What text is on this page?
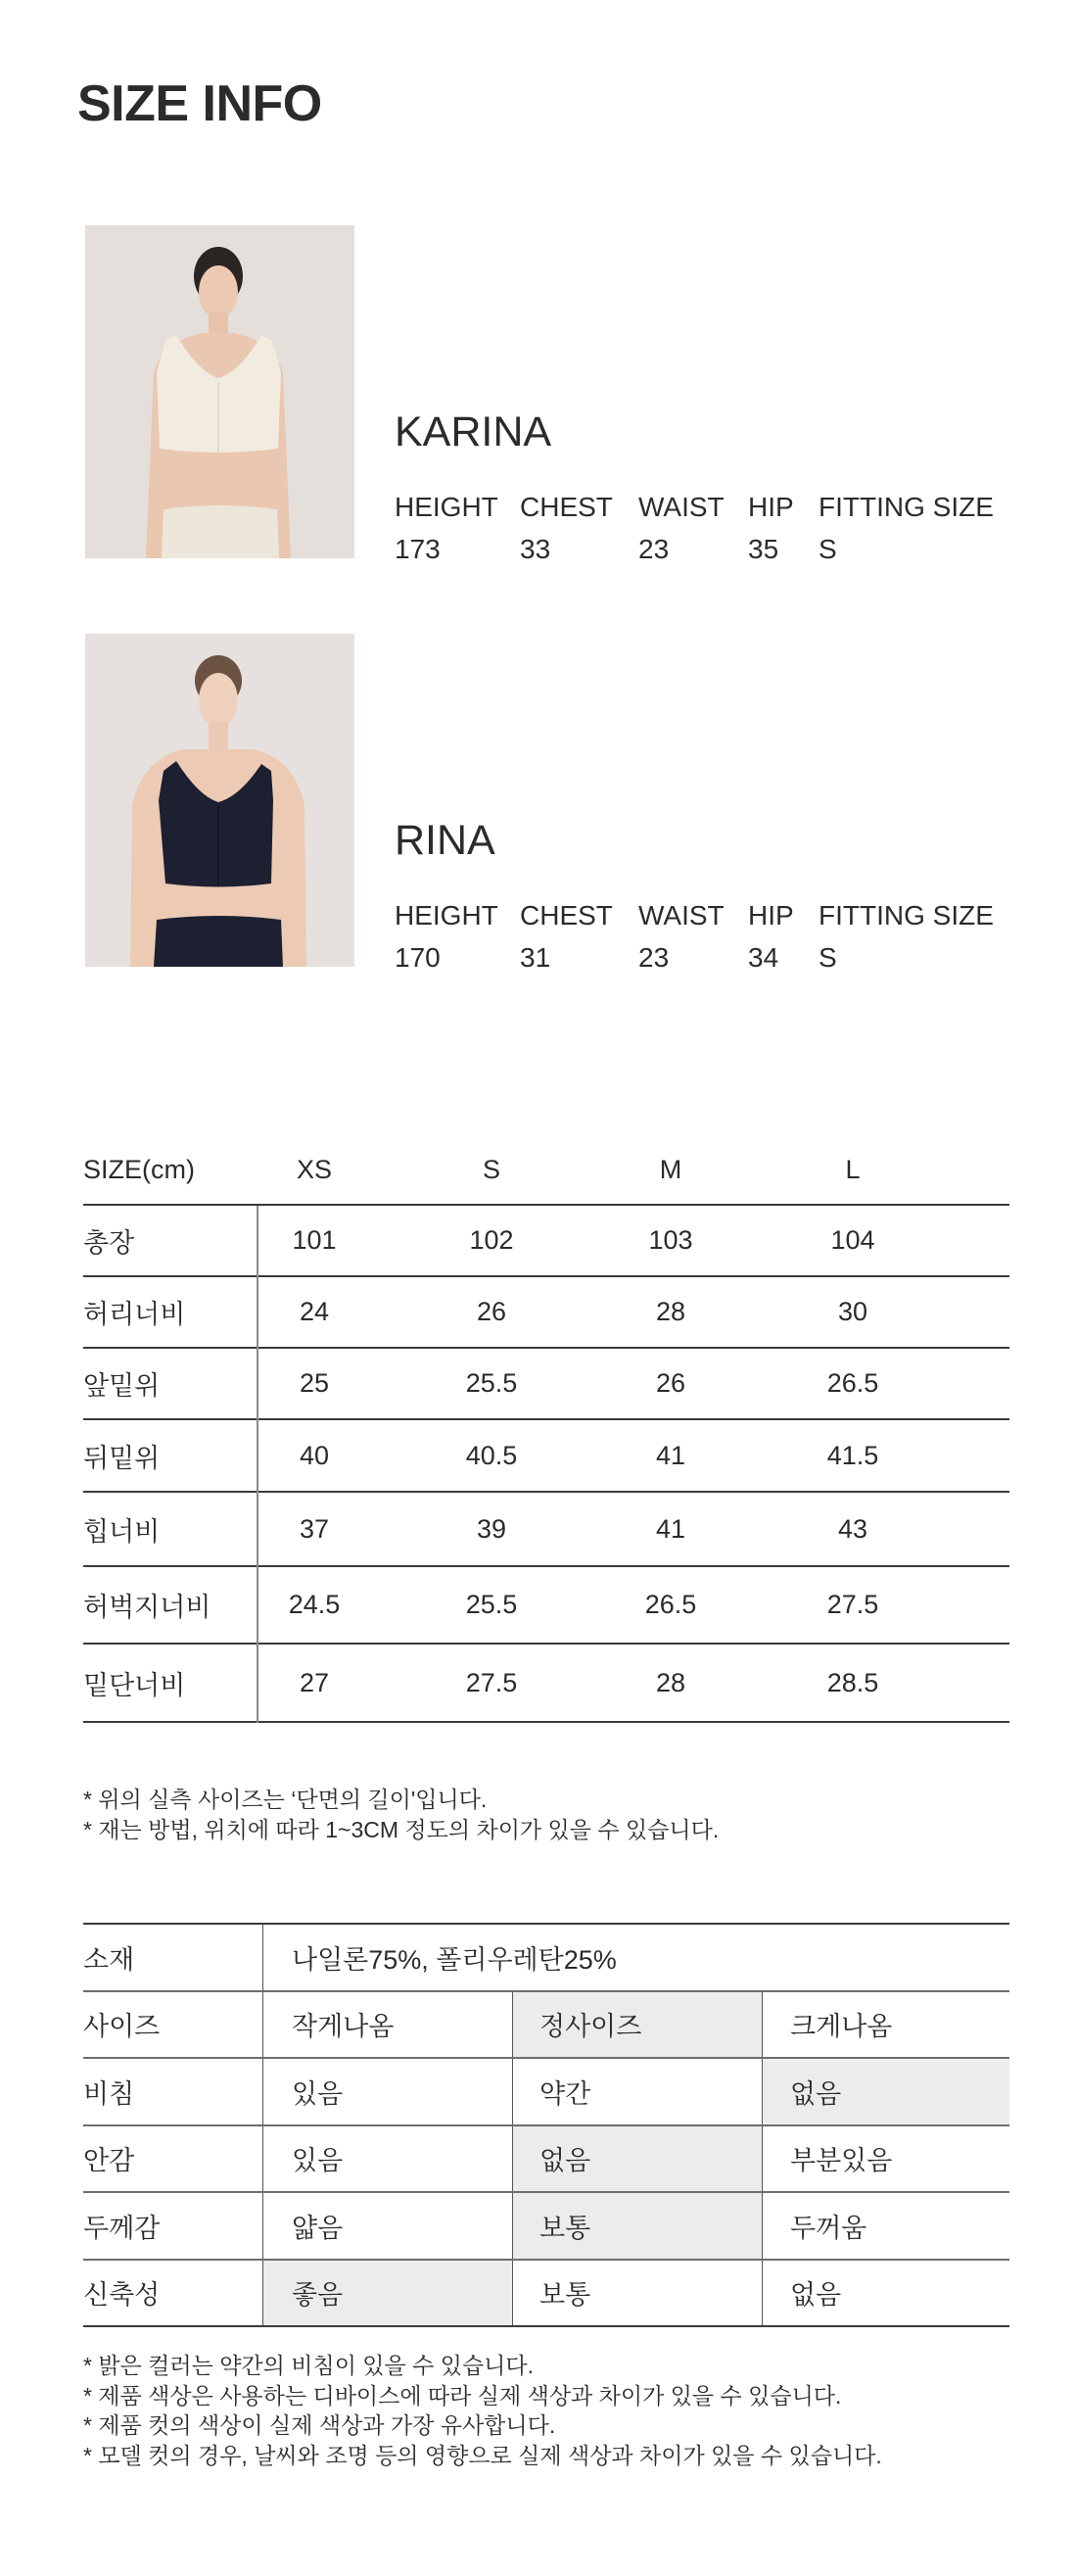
SIZE INFO
KARINA
HEIGHT CHEST WAIST HIP FITTING SIZE
173	33	23	35 S
RINA
HEIGHT CHEST WAIST HIP FITTING SIZE
170	31	23	34 S
SIZE(cm)	XS	S	M	L
총장	101	102	103	104
허리너비	24	26	28	30
앞밑위	25	25.5	26	26.5
뒤밑위	40	40.5	41	41.5
힙너비	37	39	41	43
허벅지너비	24.5	25.5	26.5	27.5
밑단너비	27	27.5	28	28.5
* 위의 실측 사이즈는 ‘단면의 길이'입니다.
* 재는 방법, 위치에 따라 1~3CM 정도의 차이가 있을 수 있습니다.
소재	나일론75%, 폴리우레탄25%
사이즈	작게나옴	정사이즈	크게나옴
비침	있음	약간	없음
안감	있음	없음	부분있음
두께감	얇음	보통	두꺼움
신축성	좋음	보통	없음
* 밝은 컬러는 약간의 비침이 있을 수 있습니다.
* 제품 색상은 사용하는 디바이스에 따라 실제 색상과 차이가 있을 수 있습니다.
* 제품 컷의 색상이 실제 색상과 가장 유사합니다.
* 모델 컷의 경우, 날씨와 조명 등의 영향으로 실제 색상과 차이가 있을 수 있습니다.
